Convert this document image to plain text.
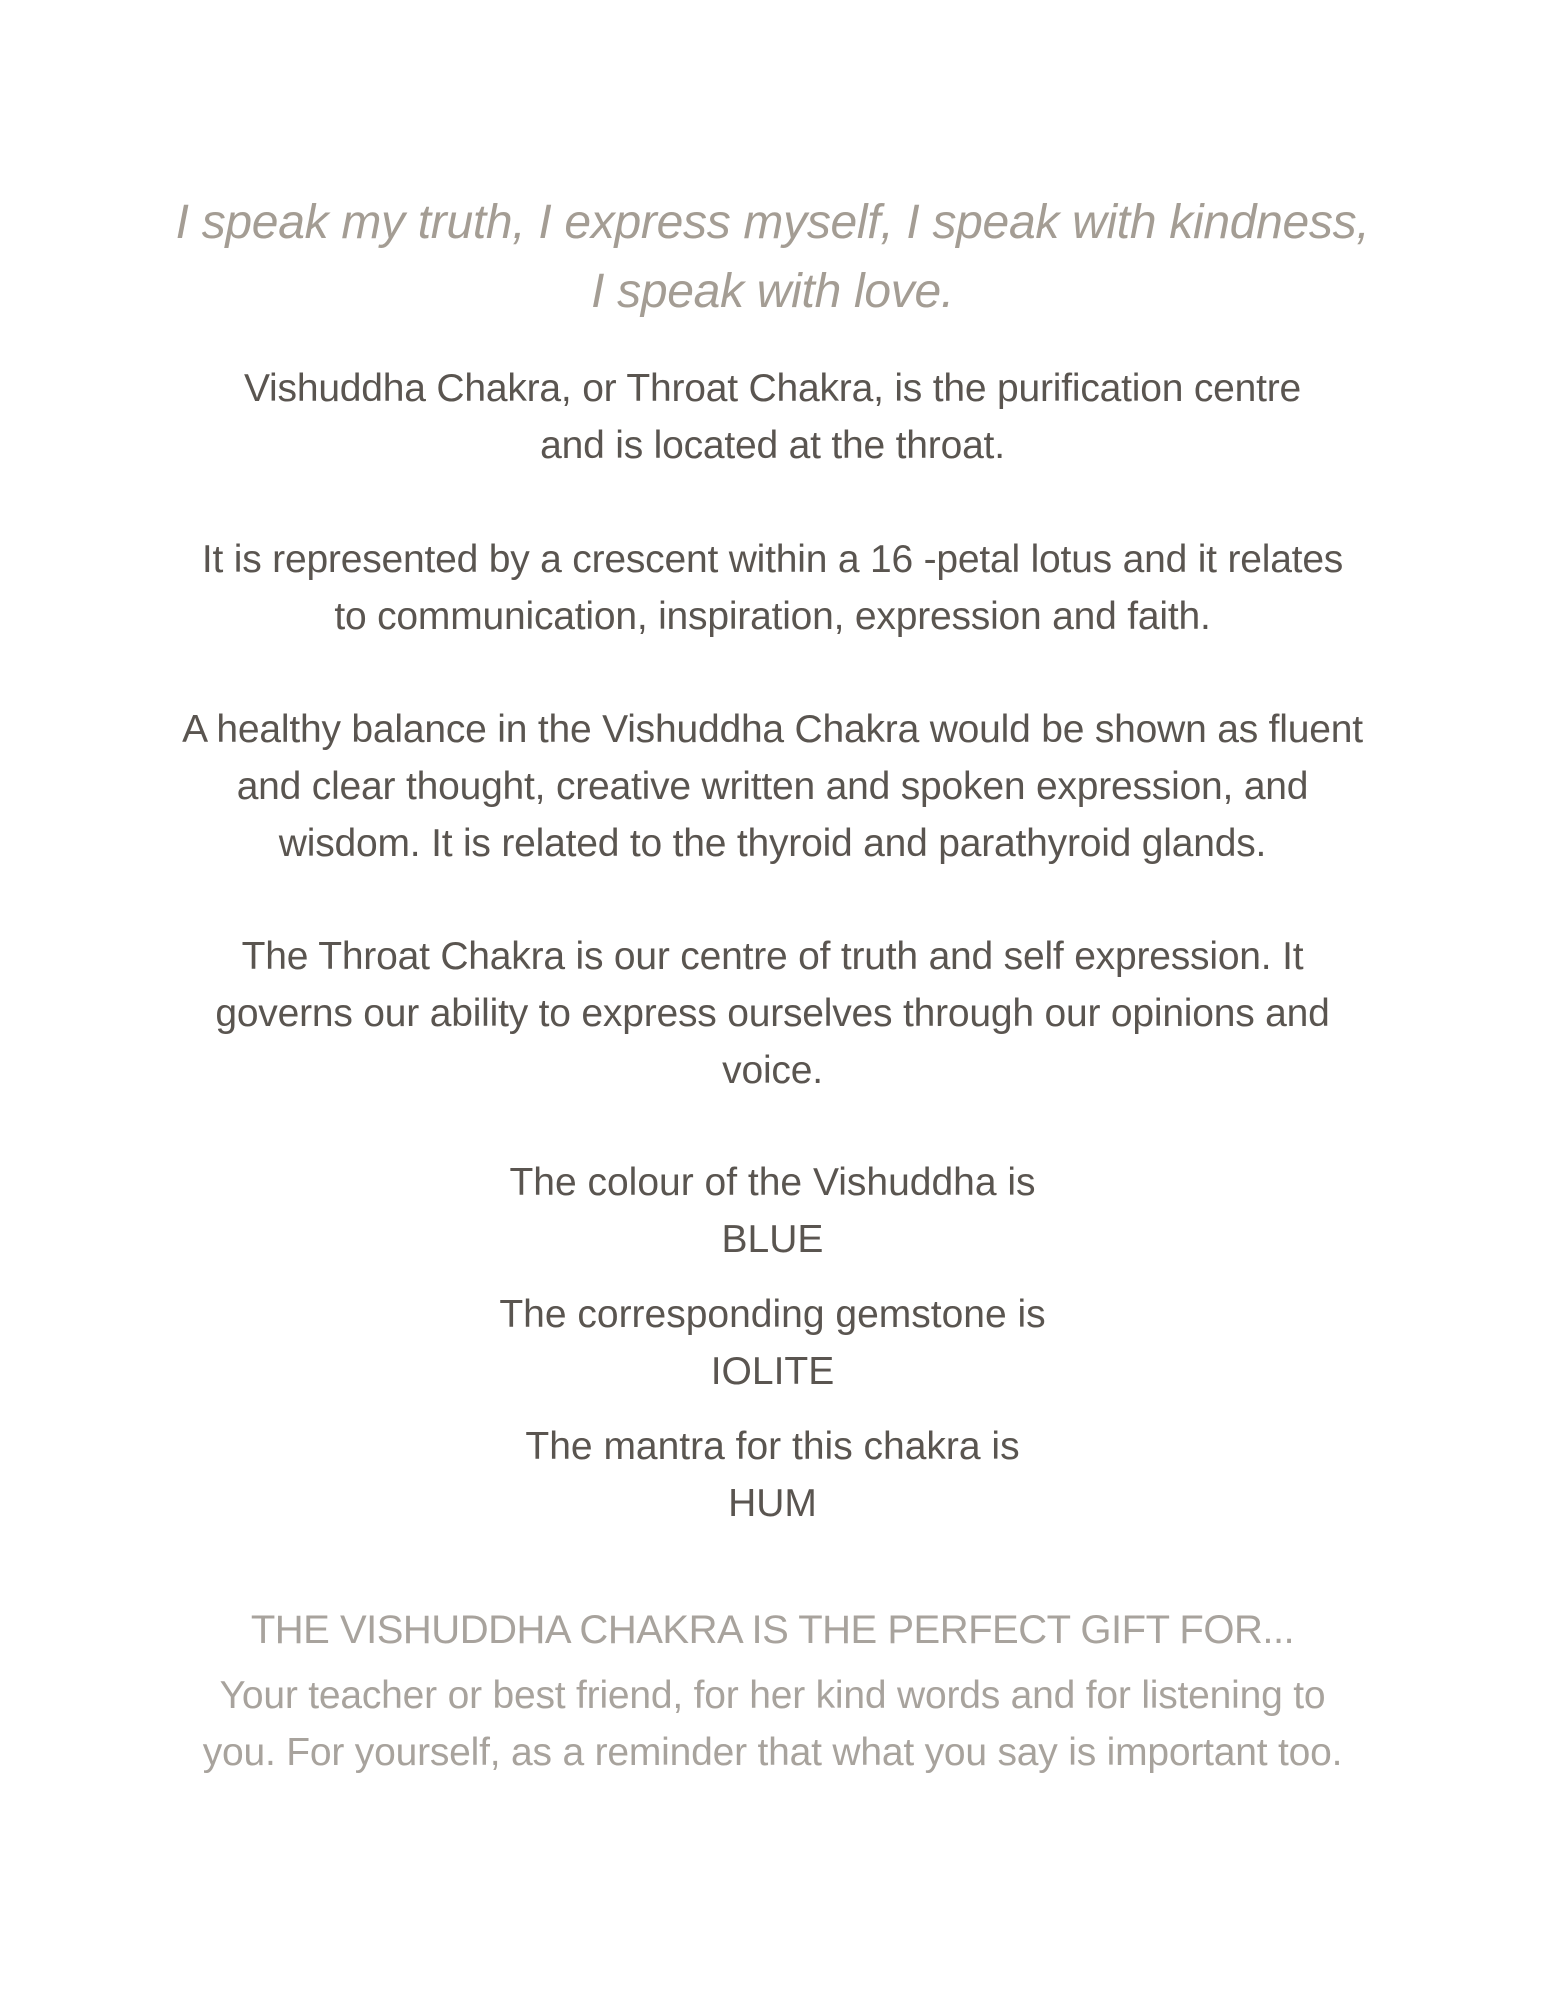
I speak my truth, I express myself, I speak with kindness,
I speak with love.

Vishuddha Chakra, or Throat Chakra, is the purification centre
and is located at the throat.

It is represented by a crescent within a 16 -petal lotus and it relates
to communication, inspiration, expression and faith.

A healthy balance in the Vishuddha Chakra would be shown as fluent
and clear thought, creative written and spoken expression, and
wisdom. It is related to the thyroid and parathyroid glands.

The Throat Chakra is our centre of truth and self expression. It
governs our ability to express ourselves through our opinions and
voice.

The colour of the Vishuddha is
BLUE

The corresponding gemstone is
IOLITE

The mantra for this chakra is
HUM

THE VISHUDDHA CHAKRA IS THE PERFECT GIFT FOR...

Your teacher or best friend, for her kind words and for listening to
you. For yourself, as a reminder that what you say is important too.
